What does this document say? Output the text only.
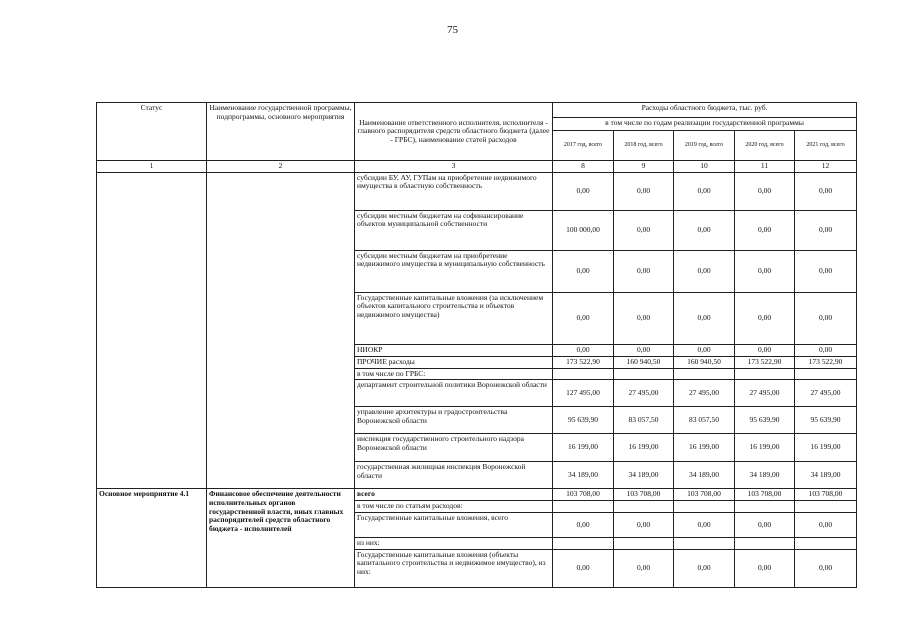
75
Статус	Наименование государственной программы, подпрограммы, основного мероприятия	Наименование ответственного исполнителя, исполнителя - главного распорядителя средств областного бюджета (далее - ГРБС), наименование статей расходов	Расходы областного бюджета, тыс. руб.				
			в том числе по годам реализации государственной программы				
			2017 год, всего	2018 год, всего	2019 год, всего	2020 год, всего	2021 год, всего
1	2	3	8	9	10	11	12
		субсидии БУ, АУ, ГУПам на приобретение недвижимого имущества в областную собственность	0,00	0,00	0,00	0,00	0,00
		субсидии местным бюджетам на софинансирование объектов муниципальной собственности	100 000,00	0,00	0,00	0,00	0,00
		субсидии местным бюджетам на приобретение недвижимого имущества в муниципальную собственность	0,00	0,00	0,00	0,00	0,00
		Государственные капитальные вложения (за исключением объектов капитального строительства и объектов недвижимого имущества)	0,00	0,00	0,00	0,00	0,00
		НИОКР	0,00	0,00	0,00	0,00	0,00
		ПРОЧИЕ расходы	173 522,90	160 940,50	160 940,50	173 522,90	173 522,90
		в том числе по ГРБС:					
		департамент строительной политики Воронежской области	127 495,00	27 495,00	27 495,00	27 495,00	27 495,00
		управление архитектуры и градостроительства Воронежской области	95 639,90	83 057,50	83 057,50	95 639,90	95 639,90
		инспекция государственного строительного надзора Воронежской области	16 199,00	16 199,00	16 199,00	16 199,00	16 199,00
		государственная жилищная инспекция Воронежской области	34 189,00	34 189,00	34 189,00	34 189,00	34 189,00
Основное мероприятие 4.1	Финансовое обеспечение деятельности исполнительных органов государственной власти, иных главных распорядителей средств областного бюджета - исполнителей	всего	103 708,00	103 708,00	103 708,00	103 708,00	103 708,00
		в том числе по статьям расходов:					
		Государственные капитальные вложения, всего	0,00	0,00	0,00	0,00	0,00
		из них:					
		Государственные капитальные вложения (объекты капитального строительства и недвижимое имущество), из них:	0,00	0,00	0,00	0,00	0,00
